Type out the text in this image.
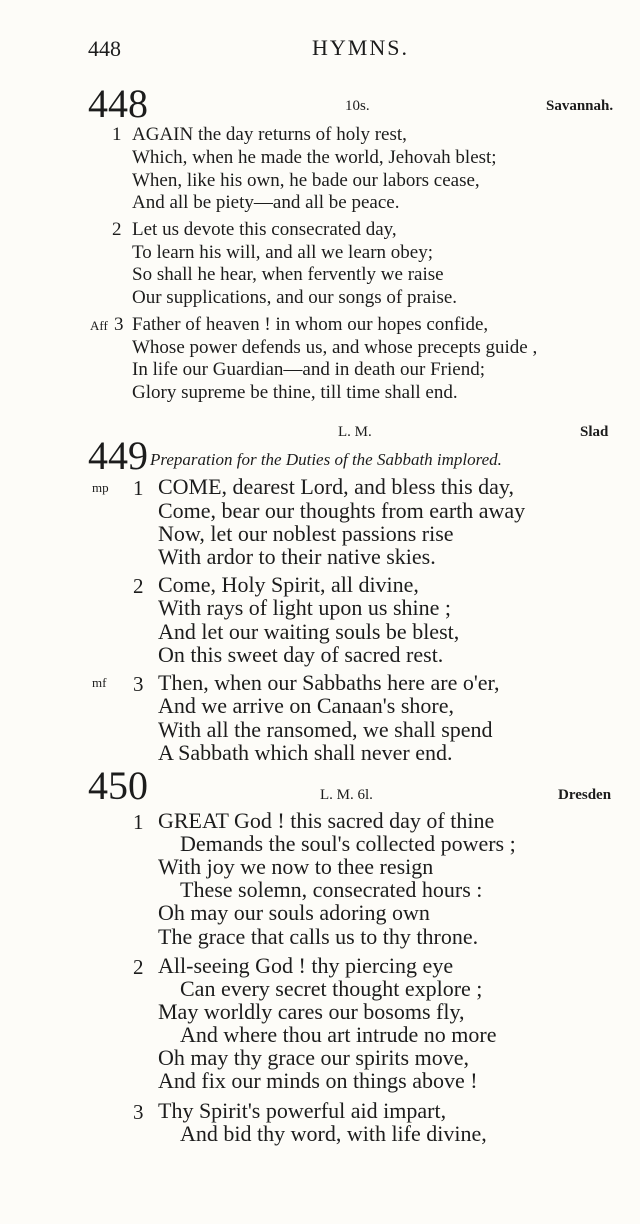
448	HYMNS.
448	10s.	Savannah.
1 AGAIN the day returns of holy rest,
Which, when he made the world, Jehovah blest;
When, like his own, he bade our labors cease,
And all be piety—and all be peace.
2 Let us devote this consecrated day,
To learn his will, and all we learn obey;
So shall he hear, when fervently we raise
Our supplications, and our songs of praise.
Aff 3 Father of heaven ! in whom our hopes confide,
Whose power defends us, and whose precepts guide ,
In life our Guardian—and in death our Friend;
Glory supreme be thine, till time shall end.
L. M.	Slad
449 Preparation for the Duties of the Sabbath implored.
mp 1 COME, dearest Lord, and bless this day,
Come, bear our thoughts from earth away
Now, let our noblest passions rise
With ardor to their native skies.
2 Come, Holy Spirit, all divine,
With rays of light upon us shine ;
And let our waiting souls be blest,
On this sweet day of sacred rest.
mf 3 Then, when our Sabbaths here are o'er,
And we arrive on Canaan's shore,
With all the ransomed, we shall spend
A Sabbath which shall never end.
450	L. M. 6l.	Dresden
1 GREAT God ! this sacred day of thine
Demands the soul's collected powers ;
With joy we now to thee resign
These solemn, consecrated hours :
Oh may our souls adoring own
The grace that calls us to thy throne.
2 All-seeing God ! thy piercing eye
Can every secret thought explore ;
May worldly cares our bosoms fly,
And where thou art intrude no more
Oh may thy grace our spirits move,
And fix our minds on things above !
3 Thy Spirit's powerful aid impart,
And bid thy word, with life divine,
